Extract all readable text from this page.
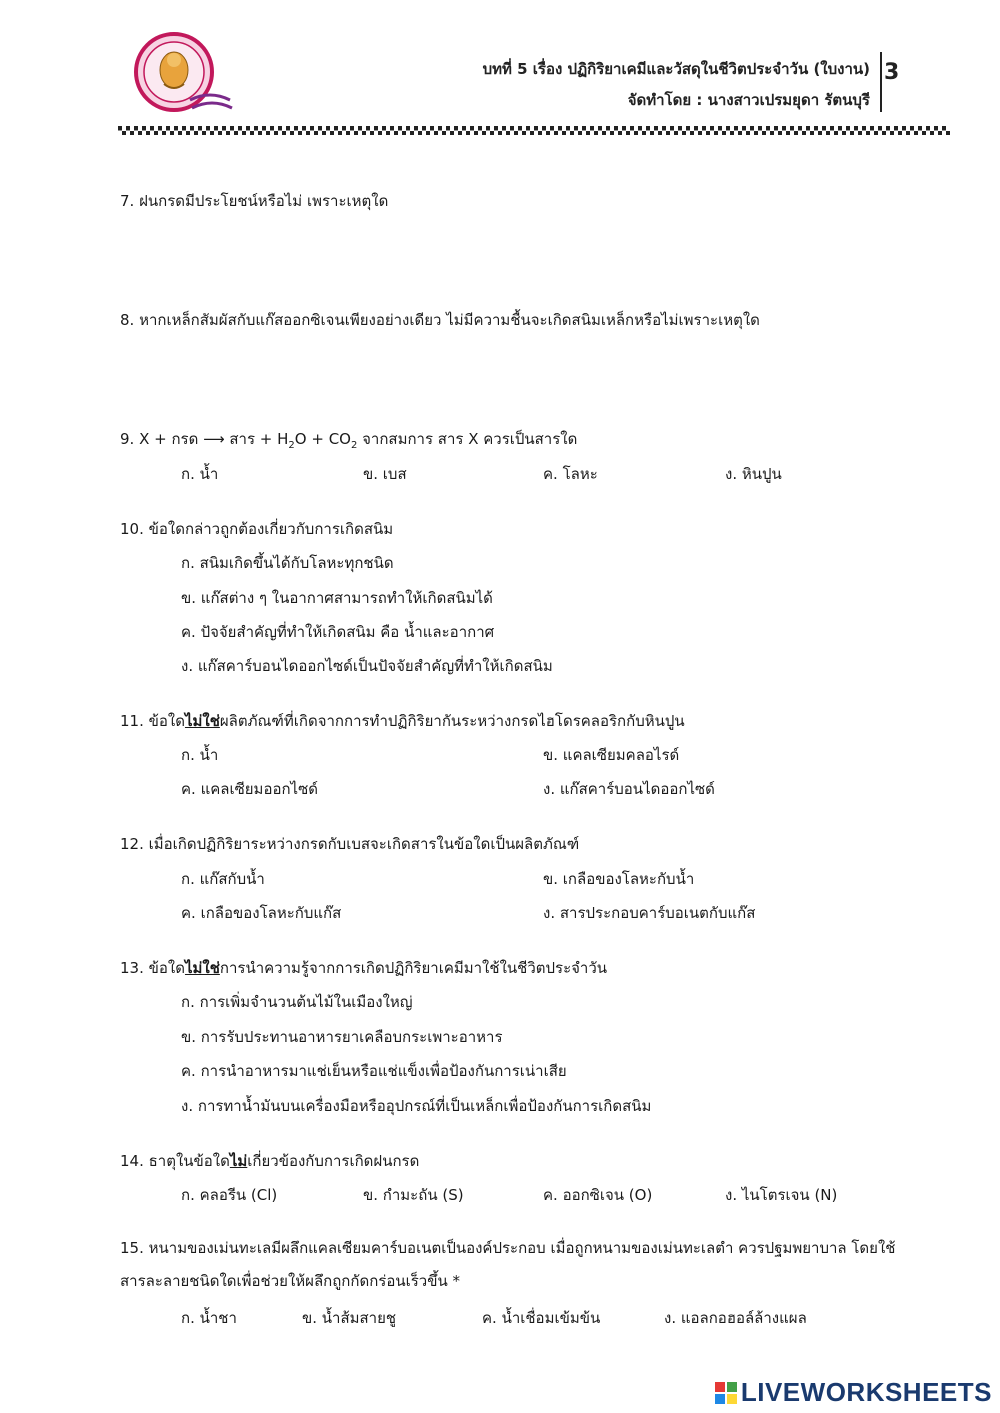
บทที่ 5 เรื่อง ปฏิกิริยาเคมีและวัสดุในชีวิตประจำวัน (ใบงาน)
จัดทำโดย : นางสาวเปรมยุดา รัตนบุรี
3
7. ฝนกรดมีประโยชน์หรือไม่ เพราะเหตุใด
8. หากเหล็กสัมผัสกับแก๊สออกซิเจนเพียงอย่างเดียว ไม่มีความชื้นจะเกิดสนิมเหล็กหรือไม่เพราะเหตุใด
9. X + กรด ⟶ สาร + $H_2O + CO_2$ จากสมการ สาร X ควรเป็นสารใด
ก. น้ำ	ข. เบส	ค. โลหะ	ง. หินปูน
10. ข้อใดกล่าวถูกต้องเกี่ยวกับการเกิดสนิม
ก. สนิมเกิดขึ้นได้กับโลหะทุกชนิด
ข. แก๊สต่าง ๆ ในอากาศสามารถทำให้เกิดสนิมได้
ค. ปัจจัยสำคัญที่ทำให้เกิดสนิม คือ น้ำและอากาศ
ง. แก๊สคาร์บอนไดออกไซด์เป็นปัจจัยสำคัญที่ทำให้เกิดสนิม
11. ข้อใดไม่ใช่ผลิตภัณฑ์ที่เกิดจากการทำปฏิกิริยากันระหว่างกรดไฮโดรคลอริกกับหินปูน
ก. น้ำ	ข. แคลเซียมคลอไรด์
ค. แคลเซียมออกไซด์	ง. แก๊สคาร์บอนไดออกไซด์
12. เมื่อเกิดปฏิกิริยาระหว่างกรดกับเบสจะเกิดสารในข้อใดเป็นผลิตภัณฑ์
ก. แก๊สกับน้ำ	ข. เกลือของโลหะกับน้ำ
ค. เกลือของโลหะกับแก๊ส	ง. สารประกอบคาร์บอเนตกับแก๊ส
13. ข้อใดไม่ใช่การนำความรู้จากการเกิดปฏิกิริยาเคมีมาใช้ในชีวิตประจำวัน
ก. การเพิ่มจำนวนต้นไม้ในเมืองใหญ่
ข. การรับประทานอาหารยาเคลือบกระเพาะอาหาร
ค. การนำอาหารมาแช่เย็นหรือแช่แข็งเพื่อป้องกันการเน่าเสีย
ง. การทาน้ำมันบนเครื่องมือหรืออุปกรณ์ที่เป็นเหล็กเพื่อป้องกันการเกิดสนิม
14. ธาตุในข้อใดไม่เกี่ยวข้องกับการเกิดฝนกรด
ก. คลอรีน (Cl)	ข. กำมะถัน (S)	ค. ออกซิเจน (O)	ง. ไนโตรเจน (N)
15. หนามของเม่นทะเลมีผลึกแคลเซียมคาร์บอเนตเป็นองค์ประกอบ เมื่อถูกหนามของเม่นทะเลตำ ควรปฐมพยาบาล โดยใช้สารละลายชนิดใดเพื่อช่วยให้ผลึกถูกกัดกร่อนเร็วขึ้น *
ก. น้ำชา	ข. น้ำส้มสายชู	ค. น้ำเชื่อมเข้มข้น	ง. แอลกอฮอล์ล้างแผล
LIVEWORKSHEETS
